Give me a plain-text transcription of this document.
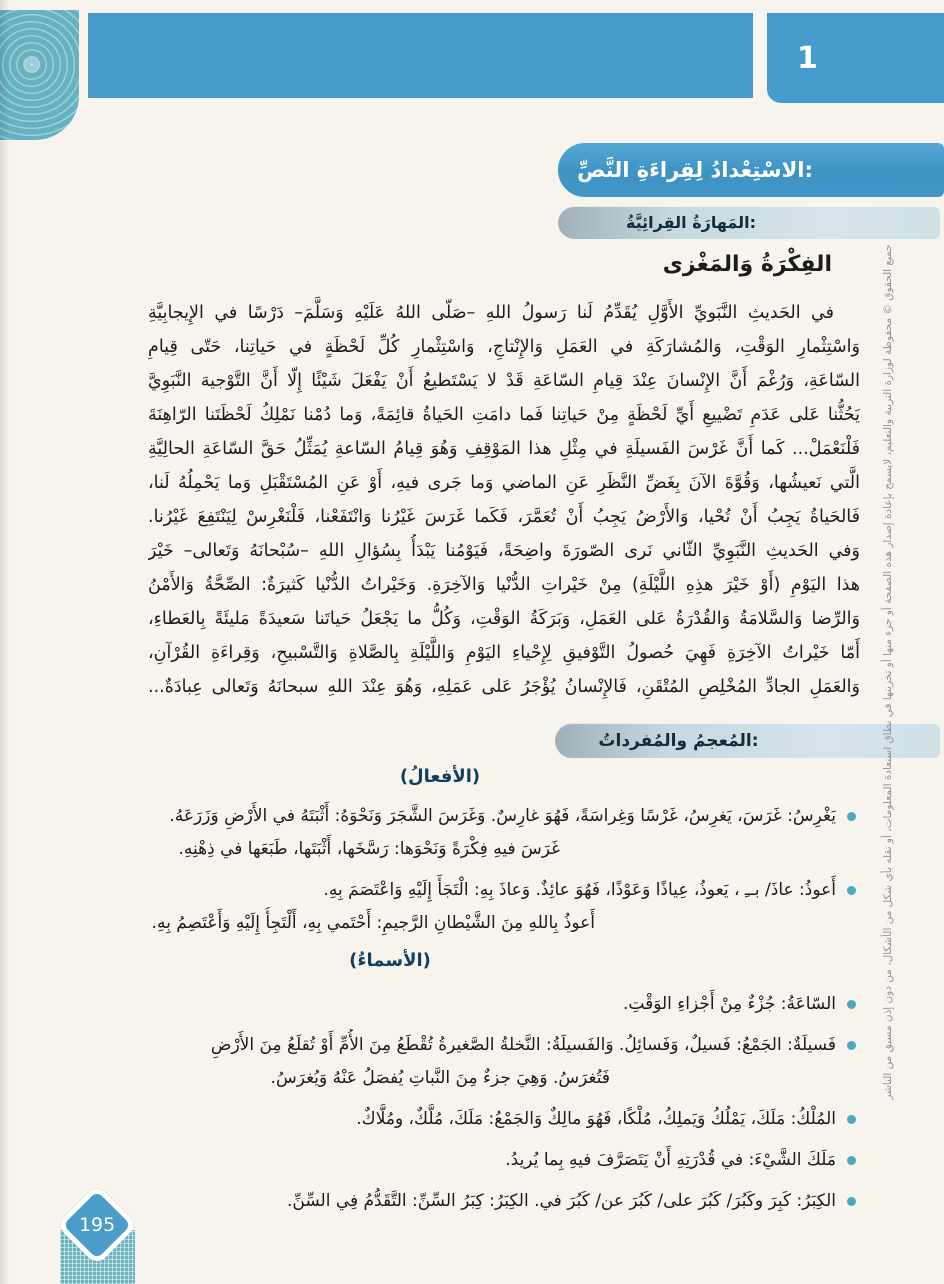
1
الاسْتِعْدادُ لِقِراءَةِ النَّصِّ:
المَهارَةُ القِرائِيَّةُ:
الفِكْرَةُ وَالمَغْزى
في الحَديثِ النَّبَويِّ الأَوَّلِ يُقَدِّمُ لَنا رَسولُ اللهِ –صَلّى اللهُ عَلَيْهِ وَسَلَّمَ– دَرْسًا في الإِيجابِيَّةِ
وَاسْتِثْمارِ الوَقْتِ، وَالمُشارَكَةِ في العَمَلِ وَالإِنْتاجِ، وَاسْتِثْمارِ كُلِّ لَحْظَةٍ في حَياتِنا، حَتّى قِيامِ
السّاعَةِ، وَرُغْمَ أَنَّ الإِنْسانَ عِنْدَ قِيامِ السّاعَةِ قَدْ لا يَسْتَطيعُ أَنْ يَفْعَلَ شَيْئًا إِلّا أَنَّ التَّوْجيهَ النَّبَوِيَّ
يَحُثُّنا عَلى عَدَمِ تَضْييعِ أَيِّ لَحْظَةٍ مِنْ حَياتِنا فَما دامَتِ الحَياةُ قائِمَةً، وَما دُمْنا نَمْلِكُ لَحْظَتَنا الرّاهِنَةَ
فَلْنَعْمَلْ... كَما أَنَّ غَرْسَ الفَسيلَةِ في مِثْلِ هذا المَوْقِفِ وَهُوَ قِيامُ السّاعةِ يُمَثِّلُ حَقَّ السّاعَةِ الحالِيَّةِ
الَّتي نَعيشُها، وَقُوَّةَ الآنَ بِغَضِّ النَّظَرِ عَنِ الماضي وَما جَرى فيهِ، أَوْ عَنِ المُسْتَقْبَلِ وَما يَحْمِلُهُ لَنا،
فَالحَياةُ يَجِبُ أَنْ تُحْيا، وَالأَرْضُ يَجِبُ أَنْ تُعَمَّرَ، فَكَما غَرَسَ غَيْرُنا وَانْتَفَعْنا، فَلْنَغْرِسْ لِيَنْتَفِعَ غَيْرُنا.
وَفي الحَديثِ النَّبَوِيِّ الثّاني نَرى الصّورَةَ واضِحَةً، فَيَوْمُنا يَبْدَأُ بِسُؤالِ اللهِ –سُبْحانَهُ وَتَعالى– خَيْرَ
هذا اليَوْمِ (أَوْ خَيْرَ هذِهِ اللَّيْلَةِ) مِنْ خَيْراتِ الدُّنْيا وَالآخِرَةِ. وَخَيْراتُ الدُّنْيا كَثيرَةٌ: الصِّحَّةُ وَالأَمْنُ
وَالرِّضا وَالسَّلامَةُ وَالقُدْرَةُ عَلى العَمَلِ، وَبَرَكَةُ الوَقْتِ، وَكُلُّ ما يَجْعَلُ حَياتَنا سَعيدَةً مَليئَةً بِالعَطاءِ،
أَمّا خَيْراتُ الآخِرَةِ فَهِيَ حُصولُ التَّوْفيقِ لِإِحْياءِ اليَوْمِ وَاللَّيْلَةِ بِالصَّلاةِ وَالتَّسْبيحِ، وَقِراءَةِ القُرْآنِ،
وَالعَمَلِ الجادِّ المُخْلِصِ المُتْقَنِ، فَالإِنْسانُ يُؤْجَرُ عَلى عَمَلِهِ، وَهُوَ عِنْدَ اللهِ سبحانَهُ وَتَعالى عِبادَةٌ...
المُعجمُ والمُفرداتُ:
(الأفعالُ)
يَغْرِسُ: غَرَسَ، يَغرِسُ، غَرْسًا وَغِراسَةً، فَهُوَ غارِسٌ. وَغَرَسَ الشَّجَرَ وَنَحْوَهُ: أَثْبَتَهُ في الأَرْضِ وَزَرَعَهُ.
غَرَسَ فيهِ فِكْرَةً وَنَحْوَها: رَسَّخَها، أَثْبَتَها، طَبَعَها في ذِهْنِهِ.
أَعوذُ: عاذَ/ بــِ ، يَعوذُ، عِياذًا وَعَوْذًا، فَهُوَ عائِذٌ. وَعاذَ بِهِ: الْتَجَأَ إِلَيْهِ وَاعْتَصَمَ بِهِ.
أَعوذُ بِاللهِ مِنَ الشَّيْطانِ الرَّجيمِ: أَحْتَمي بِهِ، أَلْتَجِأُ إِلَيْهِ وَأَعْتَصِمُ بِهِ.
(الأسماءُ)
السّاعَةُ: جُزْءٌ مِنْ أَجْزاءِ الوَقْتِ.
فَسيلَةٌ: الجَمْعُ: فَسيلٌ، وَفَسائِلُ. وَالفَسيلَةُ: النَّخلةُ الصَّغيرةُ تُقْطَعُ مِنَ الأُمِّ أَوْ تُقلَعُ مِنَ الأَرْضِ
فَتُغرَسُ. وَهِيَ جزءٌ مِنَ النَّباتِ يُفصَلُ عَنْهُ وَيُغرَسُ.
المُلْكُ: مَلَكَ، يَمْلُكُ وَيَملِكُ، مُلْكًا، فَهُوَ مالِكٌ وَالجَمْعُ: مَلَكَ، مُلَّكٌ، ومُلَّاكٌ.
مَلَكَ الشَّيْءَ: في قُدْرَتِهِ أَنْ يَتَصَرَّفَ فيهِ بِما يُريدُ.
الكِبَرُ: كَبِرَ وكَبُرَ/ كَبُرَ على/ كَبُرَ عن/ كَبُرَ في. الكِبَرُ: كِبَرُ السِّنِّ: التَّقَدُّمُ فِي السِّنِّ.
جميع الحقوق © محفوظة لوزارة التربية والتعليم، لايسمح بإعادة إصدار هذه الصفحة أو جزء منها أو تخزينها في نطاق استعادة المعلومات، أو نقله بأي شكل من الأشكال، من دون إذن مسبق من الناشر
195
